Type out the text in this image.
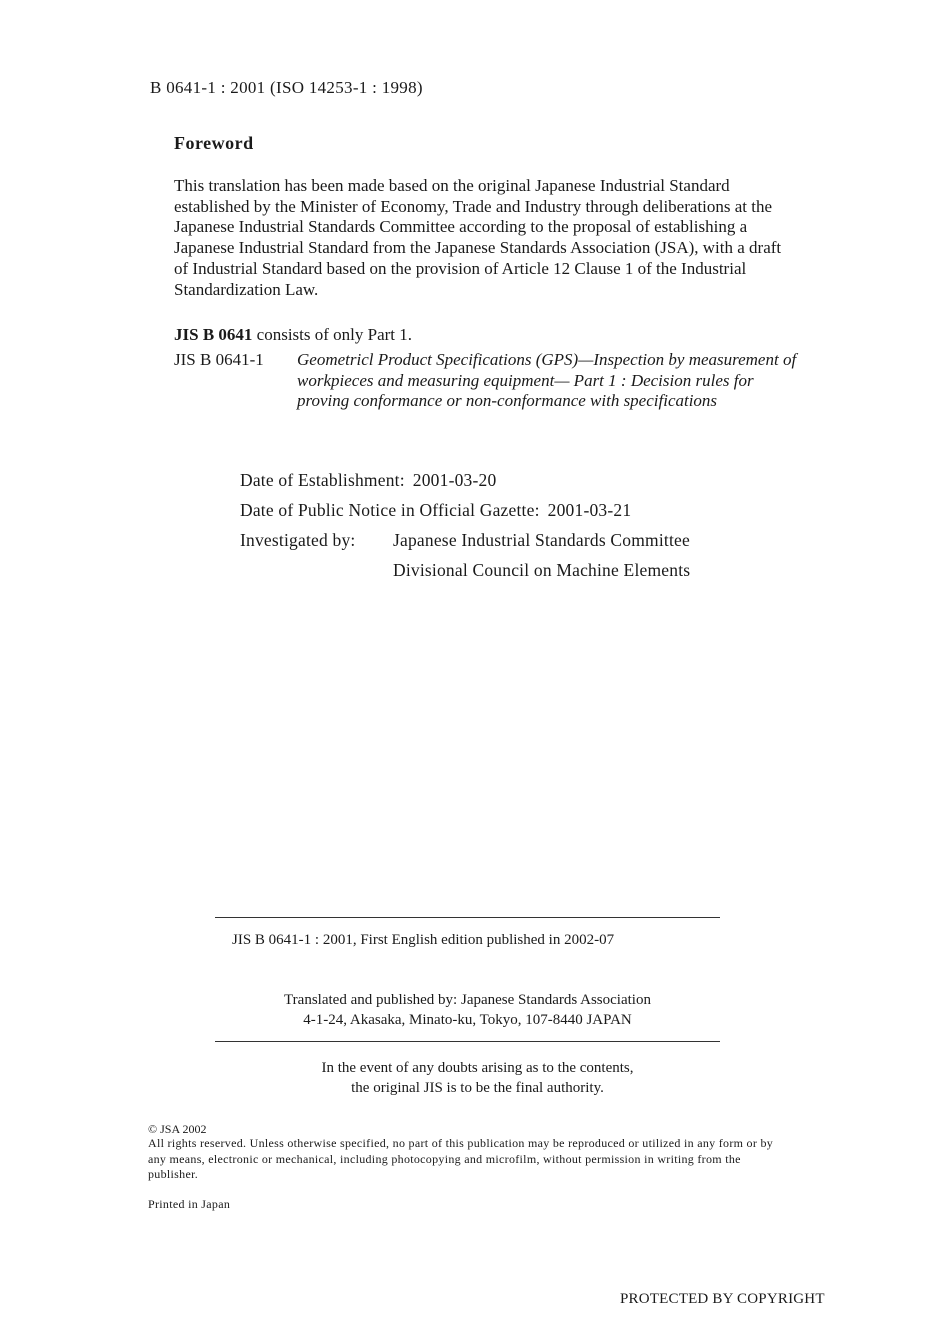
B 0641-1 : 2001 (ISO 14253-1 : 1998)
Foreword
This translation has been made based on the original Japanese Industrial Standard established by the Minister of Economy, Trade and Industry through deliberations at the Japanese Industrial Standards Committee according to the proposal of establishing a Japanese Industrial Standard from the Japanese Standards Association (JSA), with a draft of Industrial Standard based on the provision of Article 12 Clause 1 of the Industrial Standardization Law.
JIS B 0641 consists of only Part 1.
JIS B 0641-1 Geometricl Product Specifications (GPS)—Inspection by measurement of workpieces and measuring equipment— Part 1 : Decision rules for proving conformance or non-conformance with specifications
Date of Establishment: 2001-03-20
Date of Public Notice in Official Gazette: 2001-03-21
Investigated by: Japanese Industrial Standards Committee
Divisional Council on Machine Elements
JIS B 0641-1 : 2001, First English edition published in 2002-07
Translated and published by: Japanese Standards Association
4-1-24, Akasaka, Minato-ku, Tokyo, 107-8440 JAPAN
In the event of any doubts arising as to the contents,
the original JIS is to be the final authority.
© JSA 2002
All rights reserved. Unless otherwise specified, no part of this publication may be reproduced or utilized in any form or by any means, electronic or mechanical, including photocopying and microfilm, without permission in writing from the publisher.
Printed in Japan
PROTECTED BY COPYRIGHT
